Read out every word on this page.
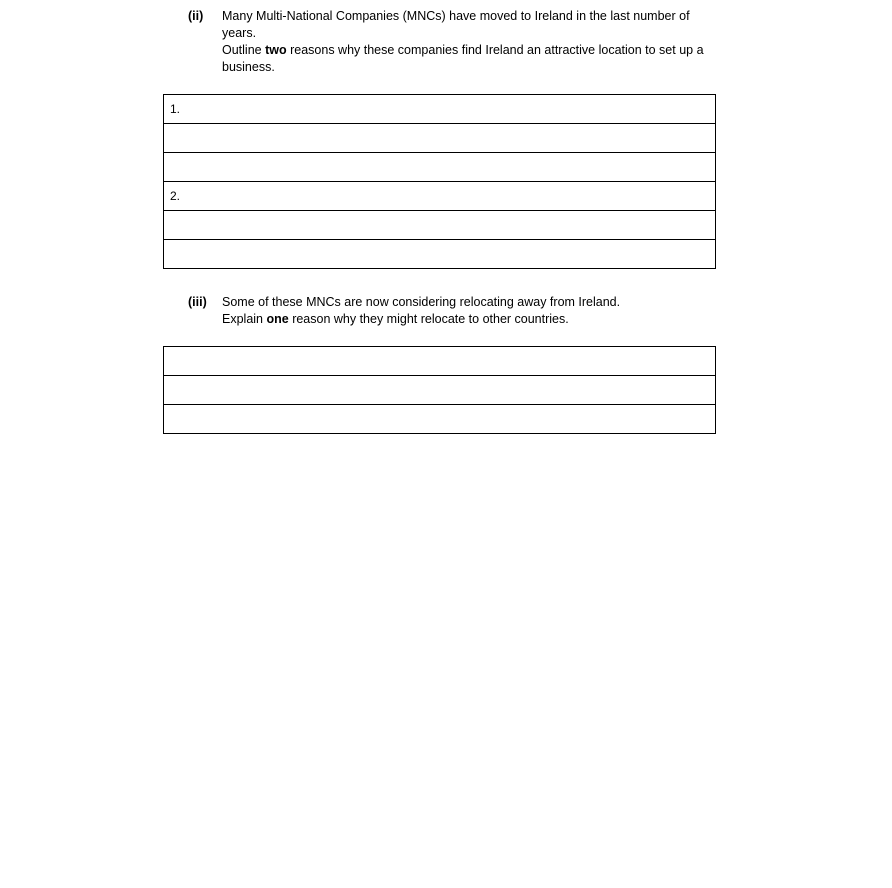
(ii) Many Multi-National Companies (MNCs) have moved to Ireland in the last number of years.

Outline two reasons why these companies find Ireland an attractive location to set up a business.

1.

2.

(iii) Some of these MNCs are now considering relocating away from Ireland.

Explain one reason why they might relocate to other countries.
